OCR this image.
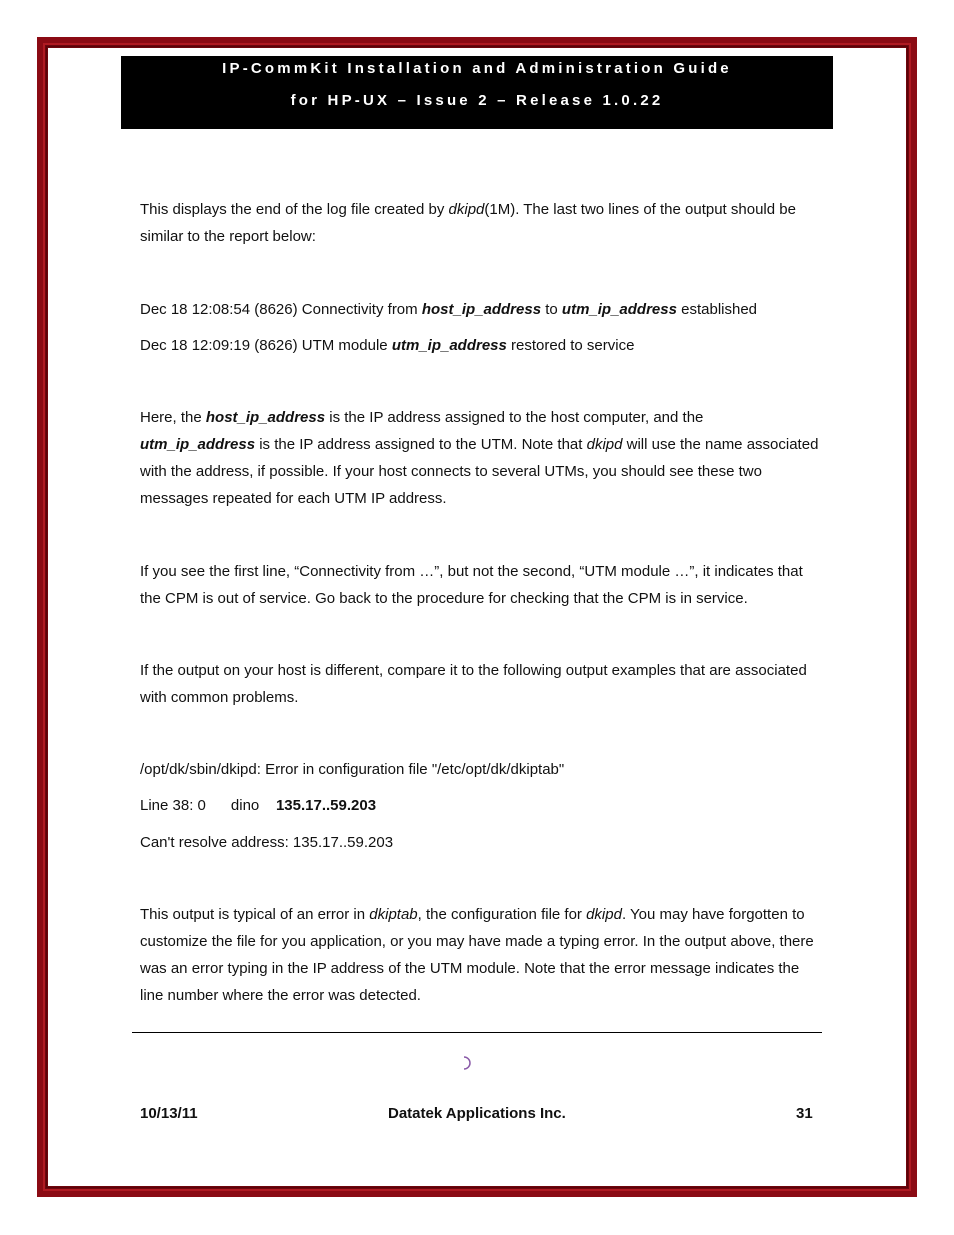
IP-CommKit Installation and Administration Guide
for HP-UX – Issue 2 – Release 1.0.22

This displays the end of the log file created by dkipd(1M). The last two lines of the output should be similar to the report below:

Dec 18 12:08:54 (8626) Connectivity from host_ip_address to utm_ip_address established
Dec 18 12:09:19 (8626) UTM module utm_ip_address restored to service

Here, the host_ip_address is the IP address assigned to the host computer, and the utm_ip_address is the IP address assigned to the UTM. Note that dkipd will use the name associated with the address, if possible. If your host connects to several UTMs, you should see these two messages repeated for each UTM IP address.

If you see the first line, “Connectivity from …”, but not the second, “UTM module …”, it indicates that the CPM is out of service. Go back to the procedure for checking that the CPM is in service.

If the output on your host is different, compare it to the following output examples that are associated with common problems.

/opt/dk/sbin/dkipd: Error in configuration file "/etc/opt/dk/dkiptab"
Line 38: 0      dino    135.17..59.203
Can't resolve address: 135.17..59.203

This output is typical of an error in dkiptab, the configuration file for dkipd. You may have forgotten to customize the file for you application, or you may have made a typing error. In the output above, there was an error typing in the IP address of the UTM module. Note that the error message indicates the line number where the error was detected.

10/13/11	Datatek Applications Inc.	31
